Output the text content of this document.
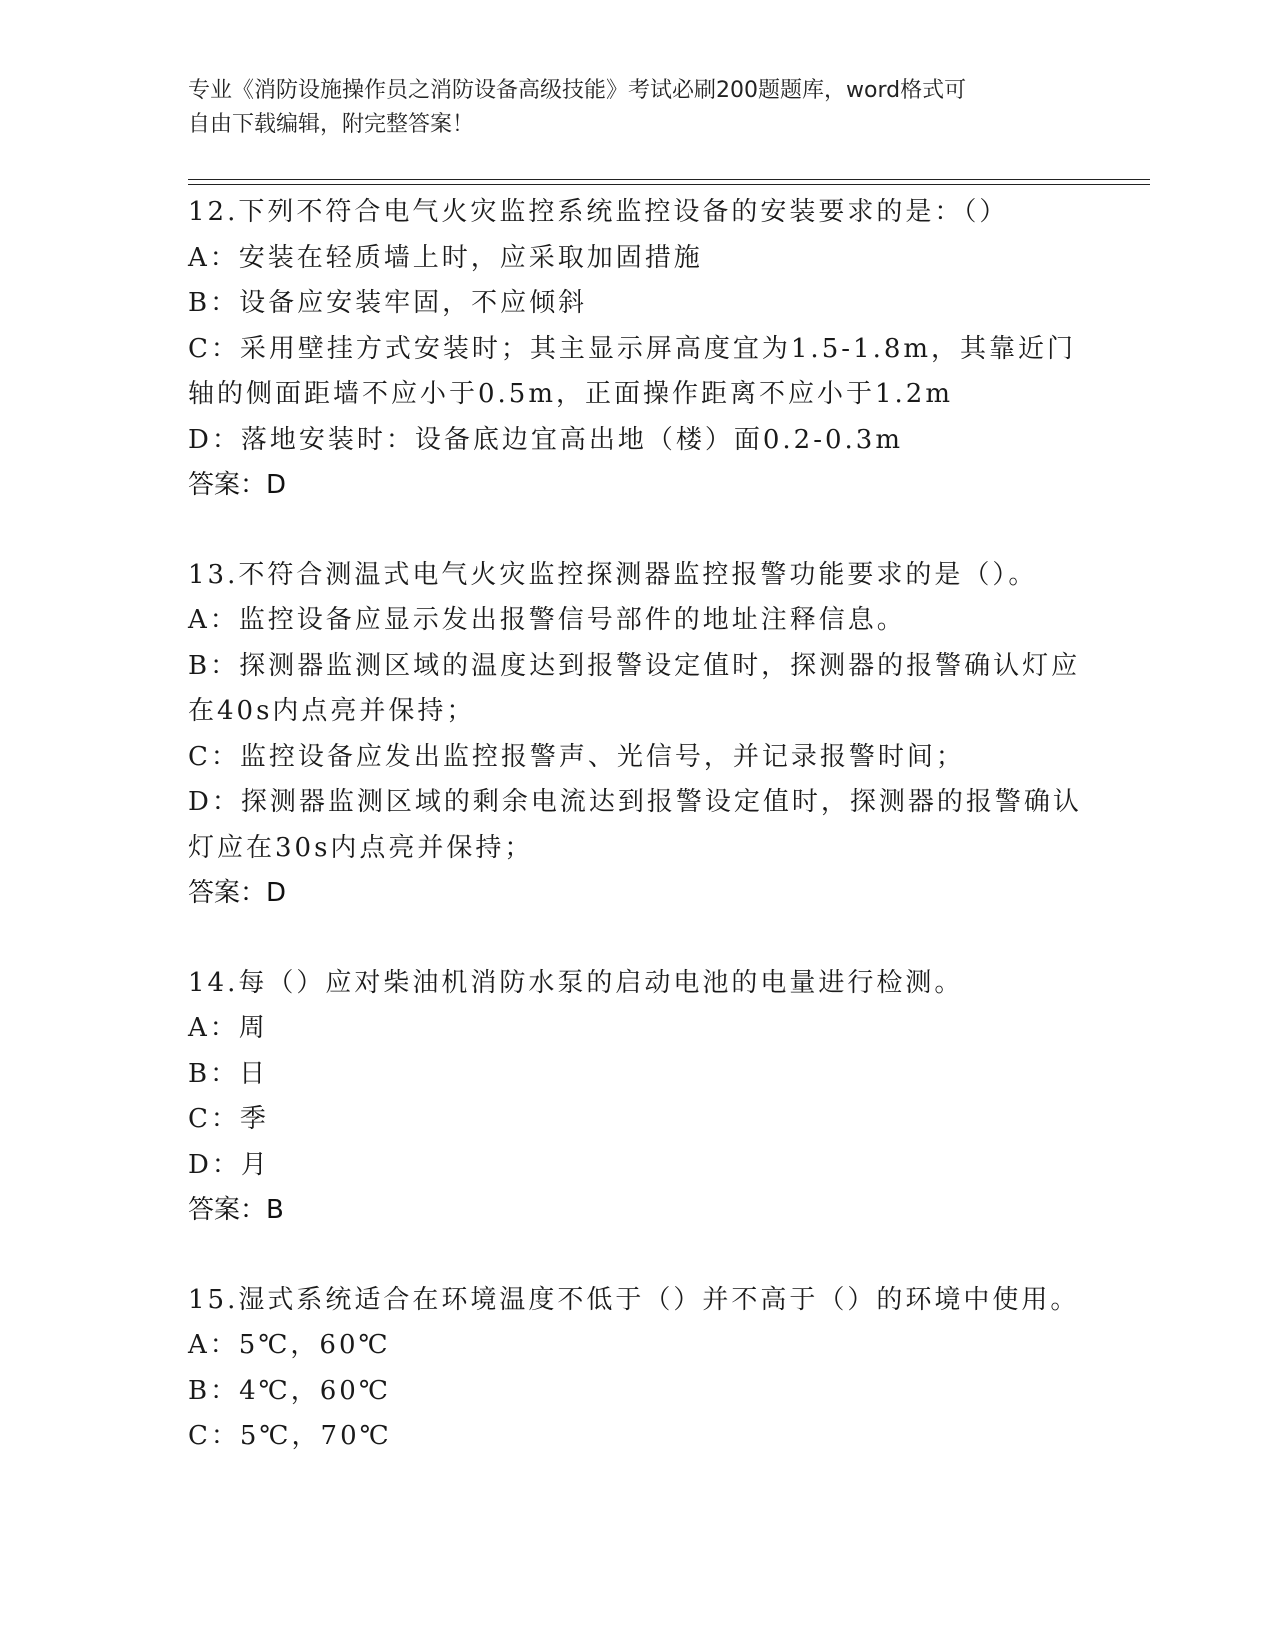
专业《消防设施操作员之消防设备高级技能》考试必刷200题题库，word格式可
自由下载编辑，附完整答案！
12.下列不符合电气火灾监控系统监控设备的安装要求的是：（）
A：安装在轻质墙上时，应采取加固措施
B：设备应安装牢固，不应倾斜
C：采用壁挂方式安装时；其主显示屏高度宜为1.5-1.8m，其靠近门轴的侧面距墙不应小于0.5m，正面操作距离不应小于1.2m
D：落地安装时：设备底边宜高出地（楼）面0.2-0.3m
答案：D
13.不符合测温式电气火灾监控探测器监控报警功能要求的是（）。
A：监控设备应显示发出报警信号部件的地址注释信息。
B：探测器监测区域的温度达到报警设定值时，探测器的报警确认灯应在40s内点亮并保持；
C：监控设备应发出监控报警声、光信号，并记录报警时间；
D：探测器监测区域的剩余电流达到报警设定值时，探测器的报警确认灯应在30s内点亮并保持；
答案：D
14.每（）应对柴油机消防水泵的启动电池的电量进行检测。
A：周
B：日
C：季
D：月
答案：B
15.湿式系统适合在环境温度不低于（）并不高于（）的环境中使用。
A：5℃，60℃
B：4℃，60℃
C：5℃，70℃
